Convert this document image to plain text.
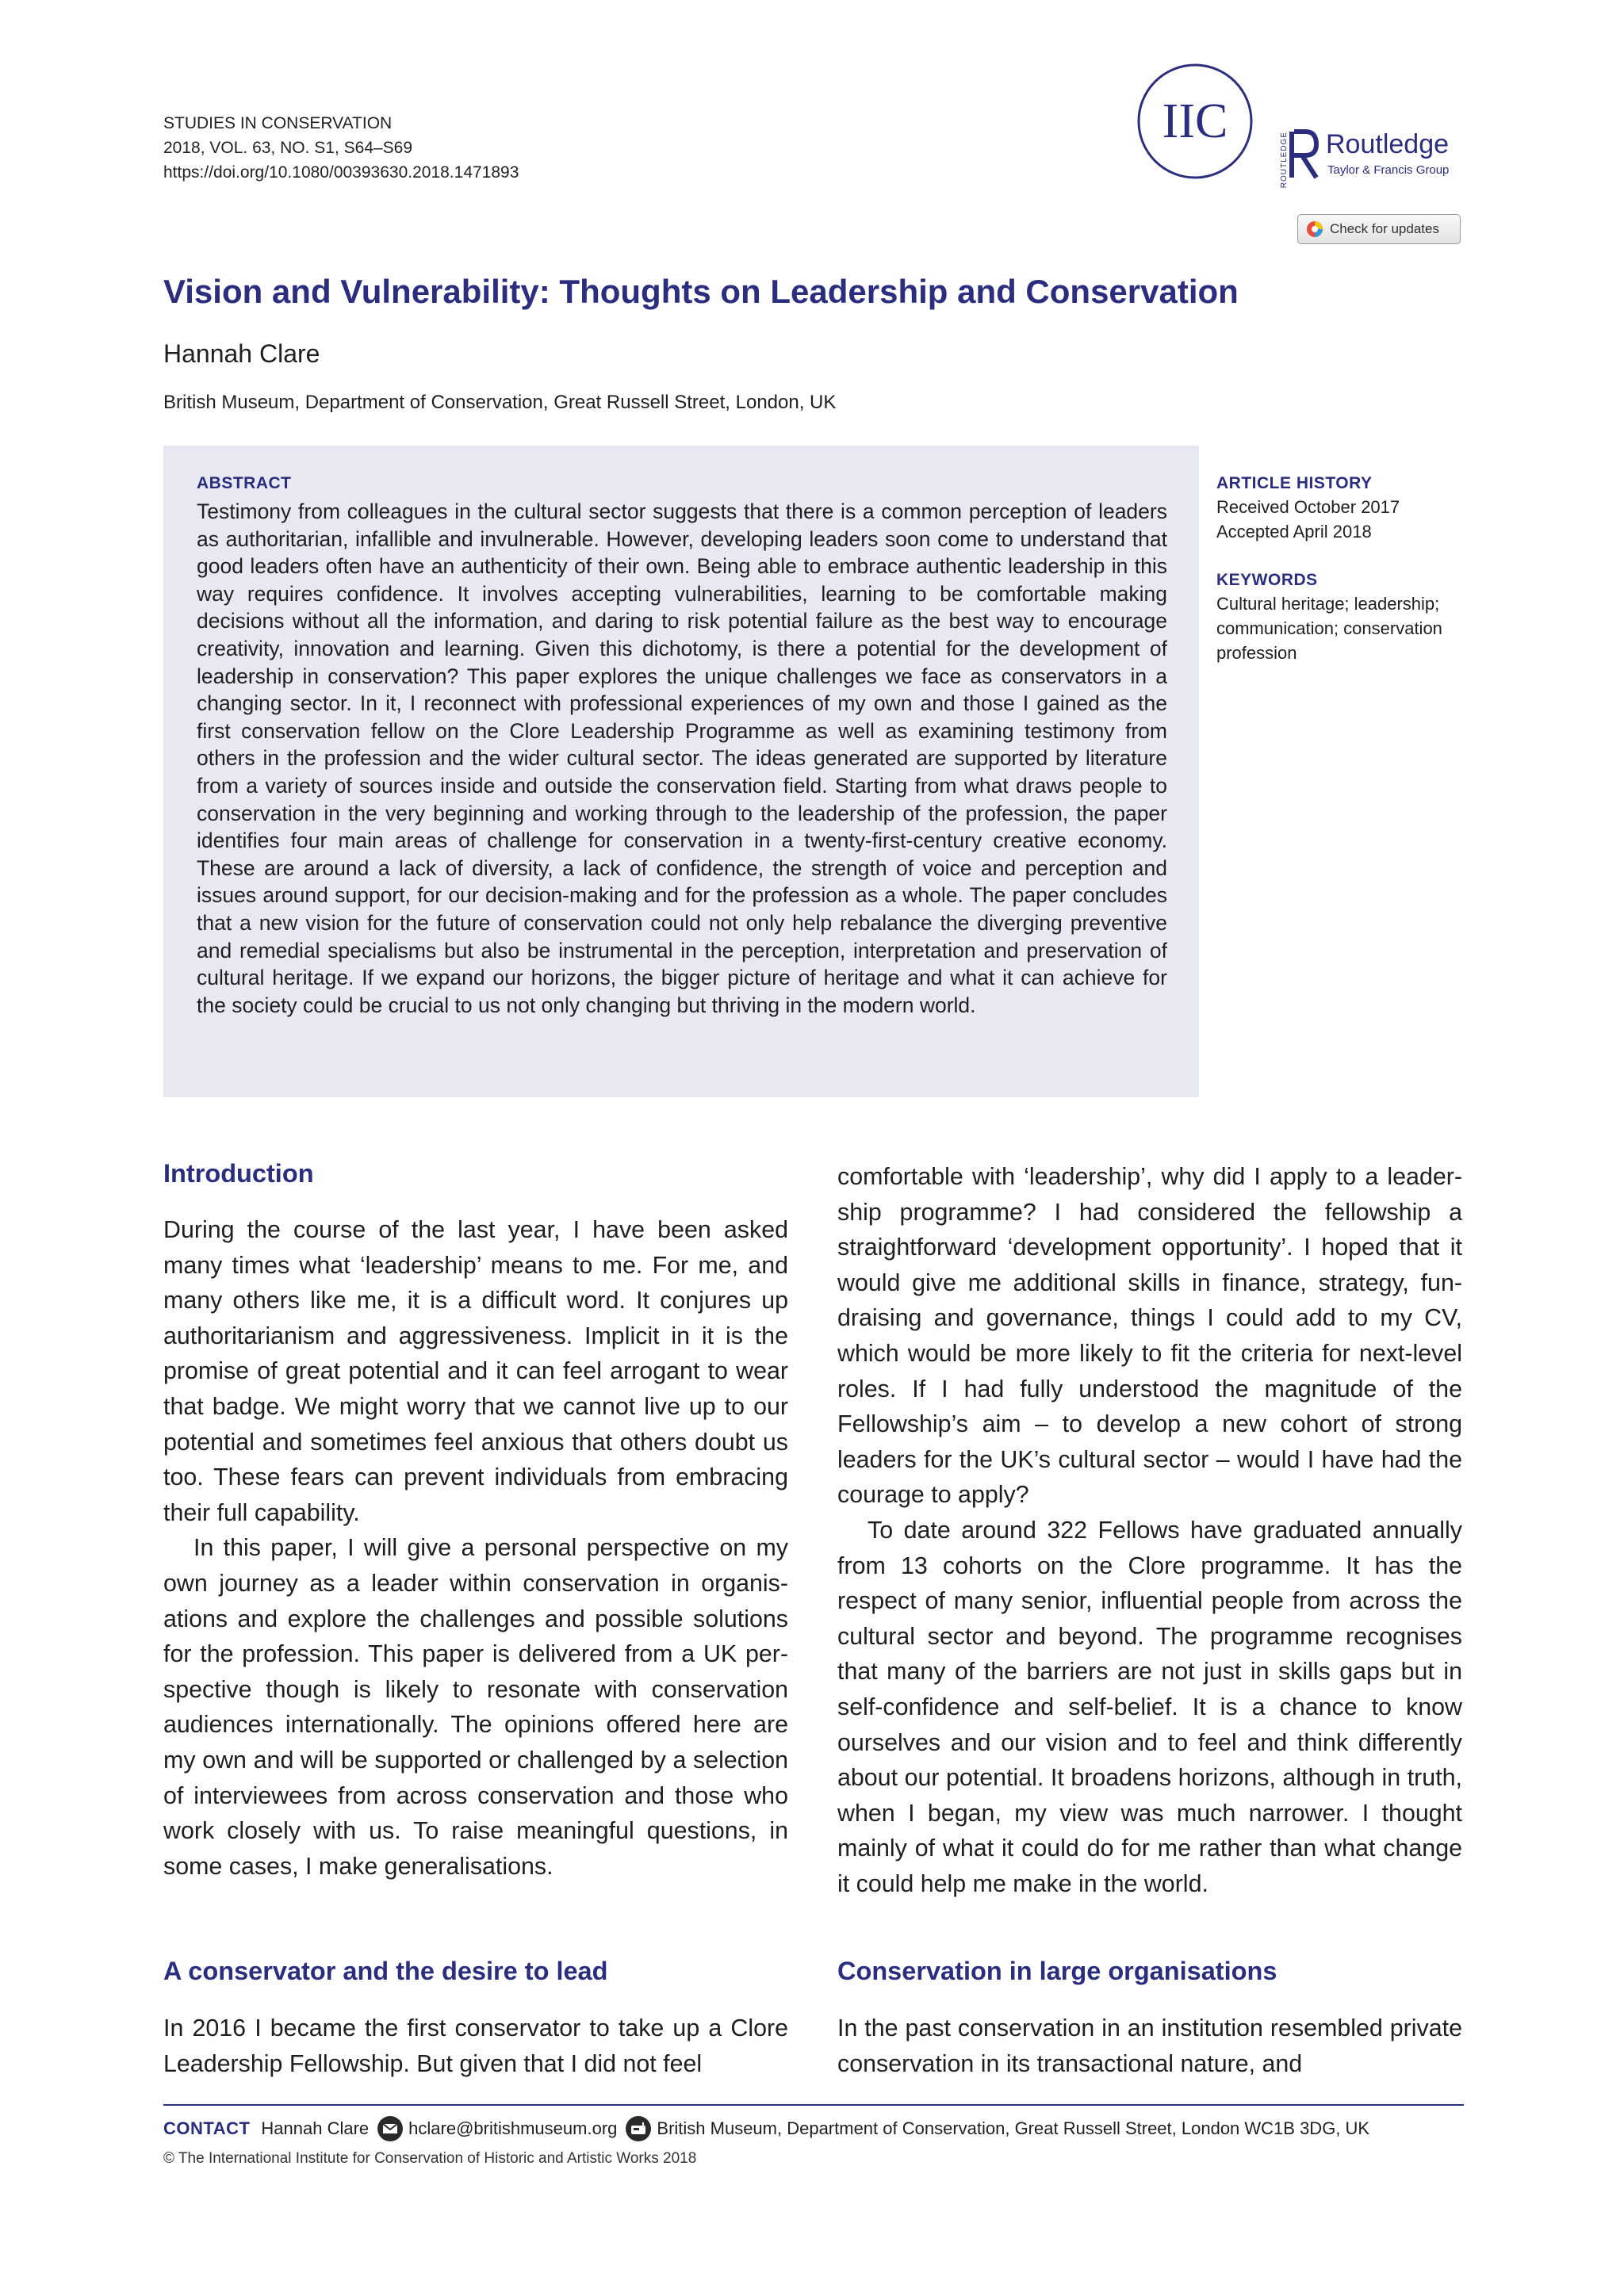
STUDIES IN CONSERVATION
2018, VOL. 63, NO. S1, S64–S69
https://doi.org/10.1080/00393630.2018.1471893
IIC	Routledge
Taylor & Francis Group
Check for updates
Vision and Vulnerability: Thoughts on Leadership and Conservation
Hannah Clare
British Museum, Department of Conservation, Great Russell Street, London, UK
ABSTRACT
Testimony from colleagues in the cultural sector suggests that there is a common perception of leaders as authoritarian, infallible and invulnerable. However, developing leaders soon come to understand that good leaders often have an authenticity of their own. Being able to embrace authentic leadership in this way requires confidence. It involves accepting vulnerabilities, learning to be comfortable making decisions without all the information, and daring to risk potential failure as the best way to encourage creativity, innovation and learning. Given this dichotomy, is there a potential for the development of leadership in conservation? This paper explores the unique challenges we face as conservators in a changing sector. In it, I reconnect with professional experiences of my own and those I gained as the first conservation fellow on the Clore Leadership Programme as well as examining testimony from others in the profession and the wider cultural sector. The ideas generated are supported by literature from a variety of sources inside and outside the conservation field. Starting from what draws people to conservation in the very beginning and working through to the leadership of the profession, the paper identifies four main areas of challenge for conservation in a twenty-first-century creative economy. These are around a lack of diversity, a lack of confidence, the strength of voice and perception and issues around support, for our decision-making and for the profession as a whole. The paper concludes that a new vision for the future of conservation could not only help rebalance the diverging preventive and remedial specialisms but also be instrumental in the perception, interpretation and preservation of cultural heritage. If we expand our horizons, the bigger picture of heritage and what it can achieve for the society could be crucial to us not only changing but thriving in the modern world.
ARTICLE HISTORY
Received October 2017
Accepted April 2018
KEYWORDS
Cultural heritage; leadership;
communication; conservation
profession
Introduction

During the course of the last year, I have been asked many times what ‘leadership’ means to me. For me, and many others like me, it is a difficult word. It conjures up authoritarianism and aggressiveness. Implicit in it is the promise of great potential and it can feel arrogant to wear that badge. We might worry that we cannot live up to our potential and sometimes feel anxious that others doubt us too. These fears can prevent individuals from embracing their full capability.

In this paper, I will give a personal perspective on my own journey as a leader within conservation in organisations and explore the challenges and possible solutions for the profession. This paper is delivered from a UK perspective though is likely to resonate with conservation audiences internationally. The opinions offered here are my own and will be supported or challenged by a selection of interviewees from across conservation and those who work closely with us. To raise meaningful questions, in some cases, I make generalisations.

A conservator and the desire to lead

In 2016 I became the first conservator to take up a Clore Leadership Fellowship. But given that I did not feel

comfortable with ‘leadership’, why did I apply to a leadership programme? I had considered the fellowship a straightforward ‘development opportunity’. I hoped that it would give me additional skills in finance, strategy, fundraising and governance, things I could add to my CV, which would be more likely to fit the criteria for next-level roles. If I had fully understood the magnitude of the Fellowship’s aim – to develop a new cohort of strong leaders for the UK’s cultural sector – would I have had the courage to apply?

To date around 322 Fellows have graduated annually from 13 cohorts on the Clore programme. It has the respect of many senior, influential people from across the cultural sector and beyond. The programme recognises that many of the barriers are not just in skills gaps but in self-confidence and self-belief. It is a chance to know ourselves and our vision and to feel and think differently about our potential. It broadens horizons, although in truth, when I began, my view was much narrower. I thought mainly of what it could do for me rather than what change it could help me make in the world.

Conservation in large organisations

In the past conservation in an institution resembled private conservation in its transactional nature, and

CONTACT Hannah Clare hclare@britishmuseum.org British Museum, Department of Conservation, Great Russell Street, London WC1B 3DG, UK
© The International Institute for Conservation of Historic and Artistic Works 2018
ROUTLEDGE
